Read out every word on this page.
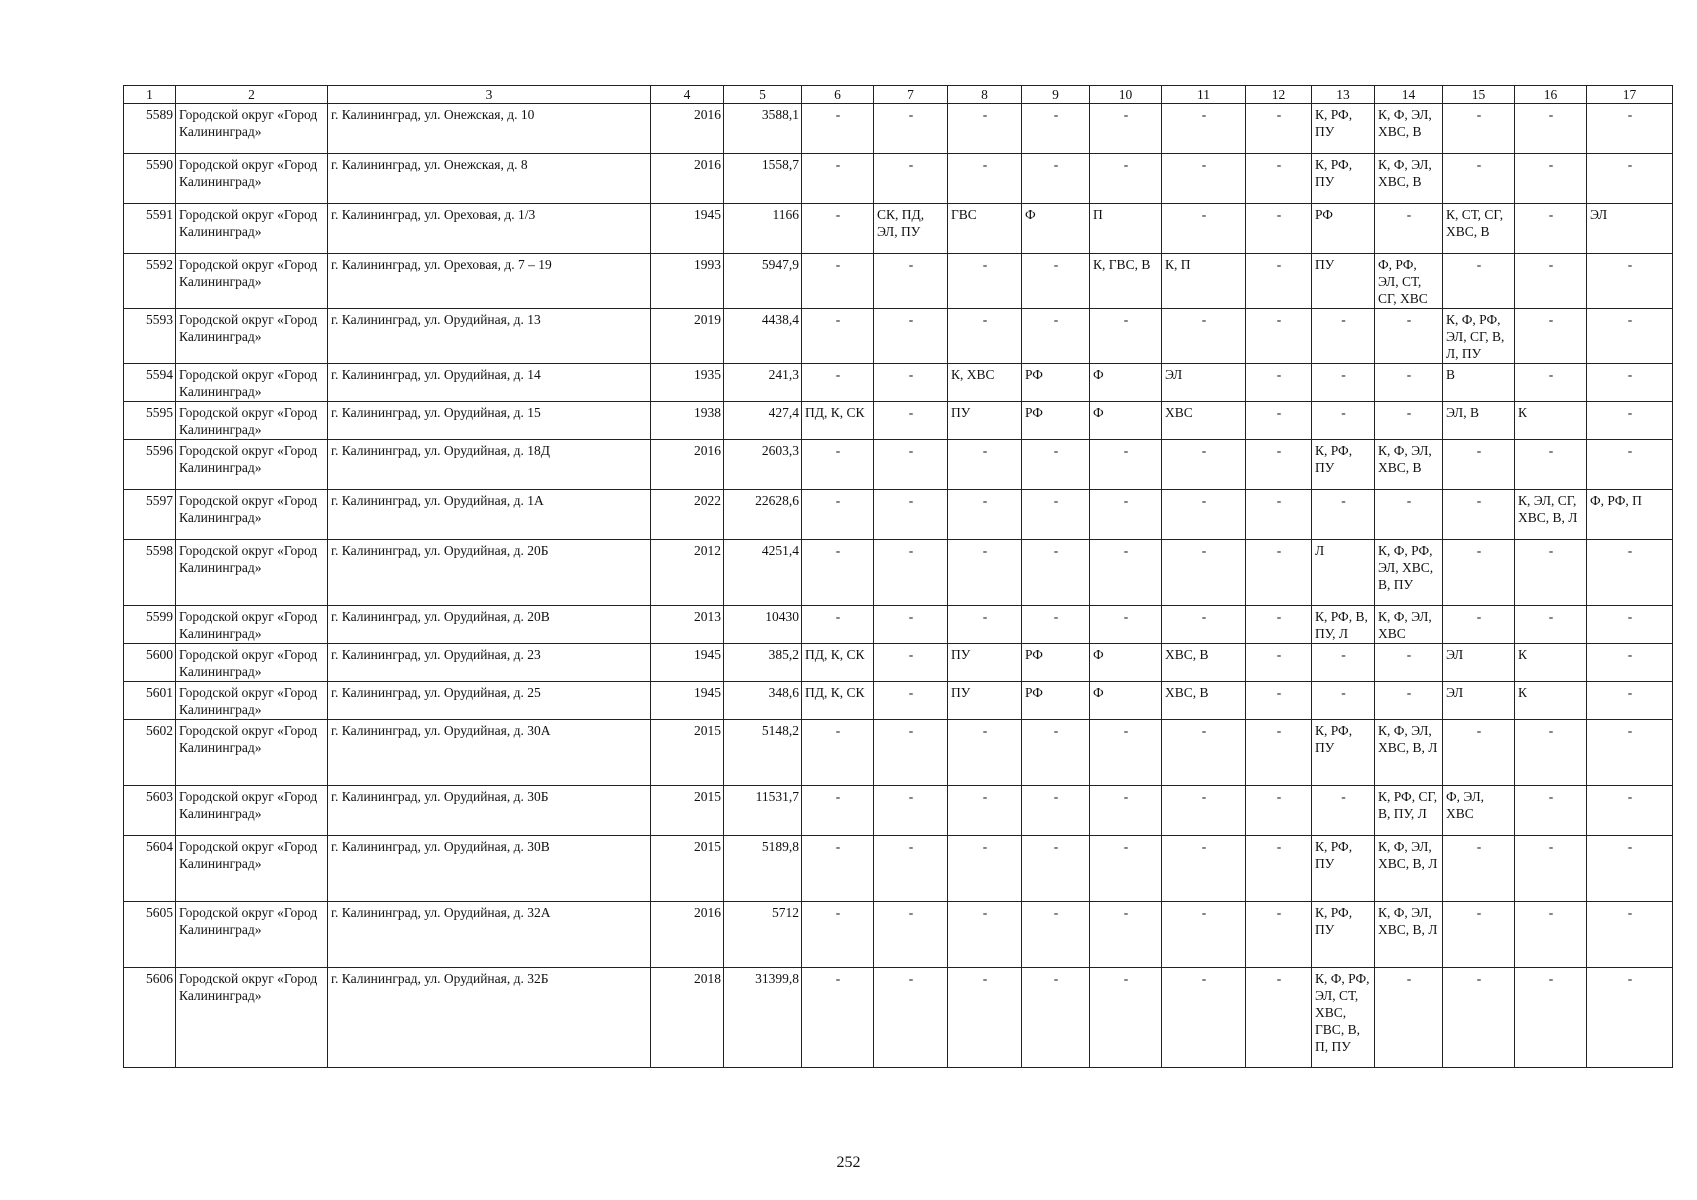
1	2	3	4	5	6	7	8	9	10	11	12	13	14	15	16	17
5589	Городской округ «Город Калининград»	г. Калининград, ул. Онежская, д. 10	2016	3588,1	-	-	-	-	-	-	-	К, РФ, ПУ	К, Ф, ЭЛ, ХВС, В	-	-	-
5590	Городской округ «Город Калининград»	г. Калининград, ул. Онежская, д. 8	2016	1558,7	-	-	-	-	-	-	-	К, РФ, ПУ	К, Ф, ЭЛ, ХВС, В	-	-	-
5591	Городской округ «Город Калининград»	г. Калининград, ул. Ореховая, д. 1/3	1945	1166	-	СК, ПД, ЭЛ, ПУ	ГВС	Ф	П	-	-	РФ	-	К, СТ, СГ, ХВС, В	-	ЭЛ
5592	Городской округ «Город Калининград»	г. Калининград, ул. Ореховая, д. 7 – 19	1993	5947,9	-	-	-	-	К, ГВС, В	К, П	-	ПУ	Ф, РФ, ЭЛ, СТ, СГ, ХВС	-	-	-
5593	Городской округ «Город Калининград»	г. Калининград, ул. Орудийная, д. 13	2019	4438,4	-	-	-	-	-	-	-	-	-	К, Ф, РФ, ЭЛ, СГ, В, Л, ПУ	-	-
5594	Городской округ «Город Калининград»	г. Калининград, ул. Орудийная, д. 14	1935	241,3	-	-	К, ХВС	РФ	Ф	ЭЛ	-	-	-	В	-	-
5595	Городской округ «Город Калининград»	г. Калининград, ул. Орудийная, д. 15	1938	427,4	ПД, К, СК	-	ПУ	РФ	Ф	ХВС	-	-	-	ЭЛ, В	К	-
5596	Городской округ «Город Калининград»	г. Калининград, ул. Орудийная, д. 18Д	2016	2603,3	-	-	-	-	-	-	-	К, РФ, ПУ	К, Ф, ЭЛ, ХВС, В	-	-	-
5597	Городской округ «Город Калининград»	г. Калининград, ул. Орудийная, д. 1А	2022	22628,6	-	-	-	-	-	-	-	-	-	-	К, ЭЛ, СГ, ХВС, В, Л	Ф, РФ, П
5598	Городской округ «Город Калининград»	г. Калининград, ул. Орудийная, д. 20Б	2012	4251,4	-	-	-	-	-	-	-	Л	К, Ф, РФ, ЭЛ, ХВС, В, ПУ	-	-	-
5599	Городской округ «Город Калининград»	г. Калининград, ул. Орудийная, д. 20В	2013	10430	-	-	-	-	-	-	-	К, РФ, В, ПУ, Л	К, Ф, ЭЛ, ХВС	-	-	-
5600	Городской округ «Город Калининград»	г. Калининград, ул. Орудийная, д. 23	1945	385,2	ПД, К, СК	-	ПУ	РФ	Ф	ХВС, В	-	-	-	ЭЛ	К	-
5601	Городской округ «Город Калининград»	г. Калининград, ул. Орудийная, д. 25	1945	348,6	ПД, К, СК	-	ПУ	РФ	Ф	ХВС, В	-	-	-	ЭЛ	К	-
5602	Городской округ «Город Калининград»	г. Калининград, ул. Орудийная, д. 30А	2015	5148,2	-	-	-	-	-	-	-	К, РФ, ПУ	К, Ф, ЭЛ, ХВС, В, Л	-	-	-
5603	Городской округ «Город Калининград»	г. Калининград, ул. Орудийная, д. 30Б	2015	11531,7	-	-	-	-	-	-	-	-	К, РФ, СГ, В, ПУ, Л	Ф, ЭЛ, ХВС	-	-
5604	Городской округ «Город Калининград»	г. Калининград, ул. Орудийная, д. 30В	2015	5189,8	-	-	-	-	-	-	-	К, РФ, ПУ	К, Ф, ЭЛ, ХВС, В, Л	-	-	-
5605	Городской округ «Город Калининград»	г. Калининград, ул. Орудийная, д. 32А	2016	5712	-	-	-	-	-	-	-	К, РФ, ПУ	К, Ф, ЭЛ, ХВС, В, Л	-	-	-
5606	Городской округ «Город Калининград»	г. Калининград, ул. Орудийная, д. 32Б	2018	31399,8	-	-	-	-	-	-	-	К, Ф, РФ, ЭЛ, СТ, ХВС, ГВС, В, П, ПУ	-	-	-	-
252
